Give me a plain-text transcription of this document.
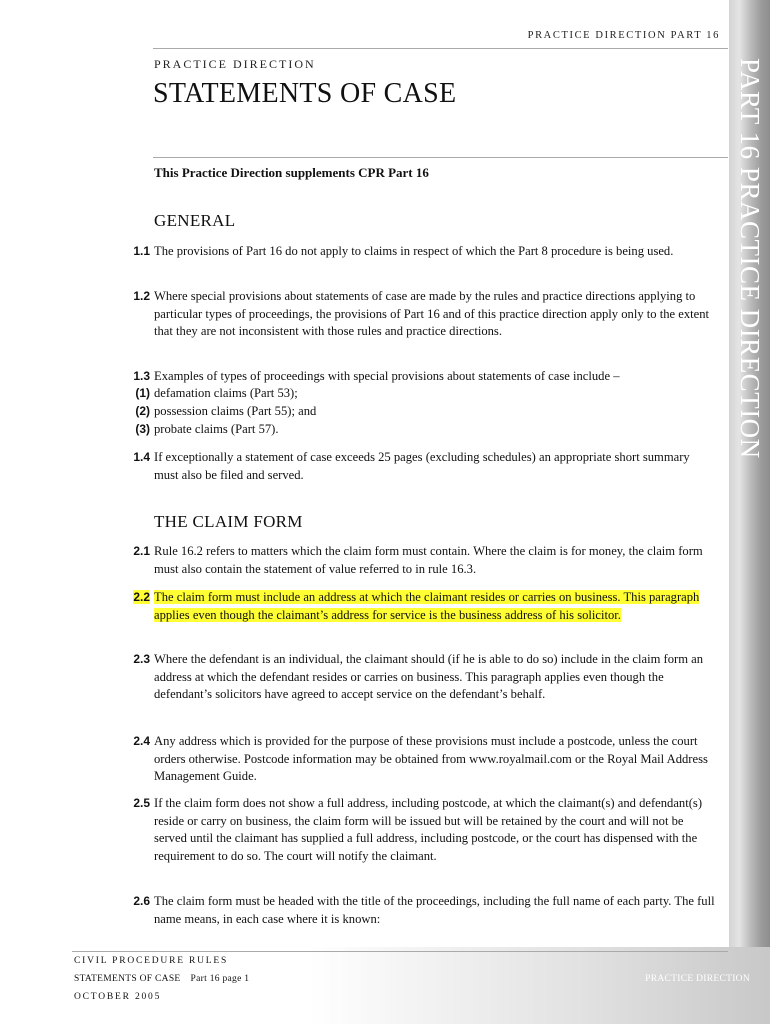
PART 16 PRACTICE DIRECTION
PRACTICE DIRECTION PART 16
PRACTICE DIRECTION
STATEMENTS OF CASE
This Practice Direction supplements CPR Part 16
GENERAL
1.1 The provisions of Part 16 do not apply to claims in respect of which the Part 8 procedure is being used.
1.2 Where special provisions about statements of case are made by the rules and practice directions applying to particular types of proceedings, the provisions of Part 16 and of this practice direction apply only to the extent that they are not inconsistent with those rules and practice directions.
1.3 Examples of types of proceedings with special provisions about statements of case include –
(1) defamation claims (Part 53);
(2) possession claims (Part 55); and
(3) probate claims (Part 57).
1.4 If exceptionally a statement of case exceeds 25 pages (excluding schedules) an appropriate short summary must also be filed and served.
THE CLAIM FORM
2.1 Rule 16.2 refers to matters which the claim form must contain. Where the claim is for money, the claim form must also contain the statement of value referred to in rule 16.3.
2.2 The claim form must include an address at which the claimant resides or carries on business. This paragraph applies even though the claimant’s address for service is the business address of his solicitor.
2.3 Where the defendant is an individual, the claimant should (if he is able to do so) include in the claim form an address at which the defendant resides or carries on business. This paragraph applies even though the defendant’s solicitors have agreed to accept service on the defendant’s behalf.
2.4 Any address which is provided for the purpose of these provisions must include a postcode, unless the court orders otherwise. Postcode information may be obtained from www.royalmail.com or the Royal Mail Address Management Guide.
2.5 If the claim form does not show a full address, including postcode, at which the claimant(s) and defendant(s) reside or carry on business, the claim form will be issued but will be retained by the court and will not be served until the claimant has supplied a full address, including postcode, or the court has dispensed with the requirement to do so. The court will notify the claimant.
2.6 The claim form must be headed with the title of the proceedings, including the full name of each party. The full name means, in each case where it is known:
CIVIL PROCEDURE RULES
STATEMENTS OF CASE Part 16 page 1
OCTOBER 2005
PRACTICE DIRECTION
